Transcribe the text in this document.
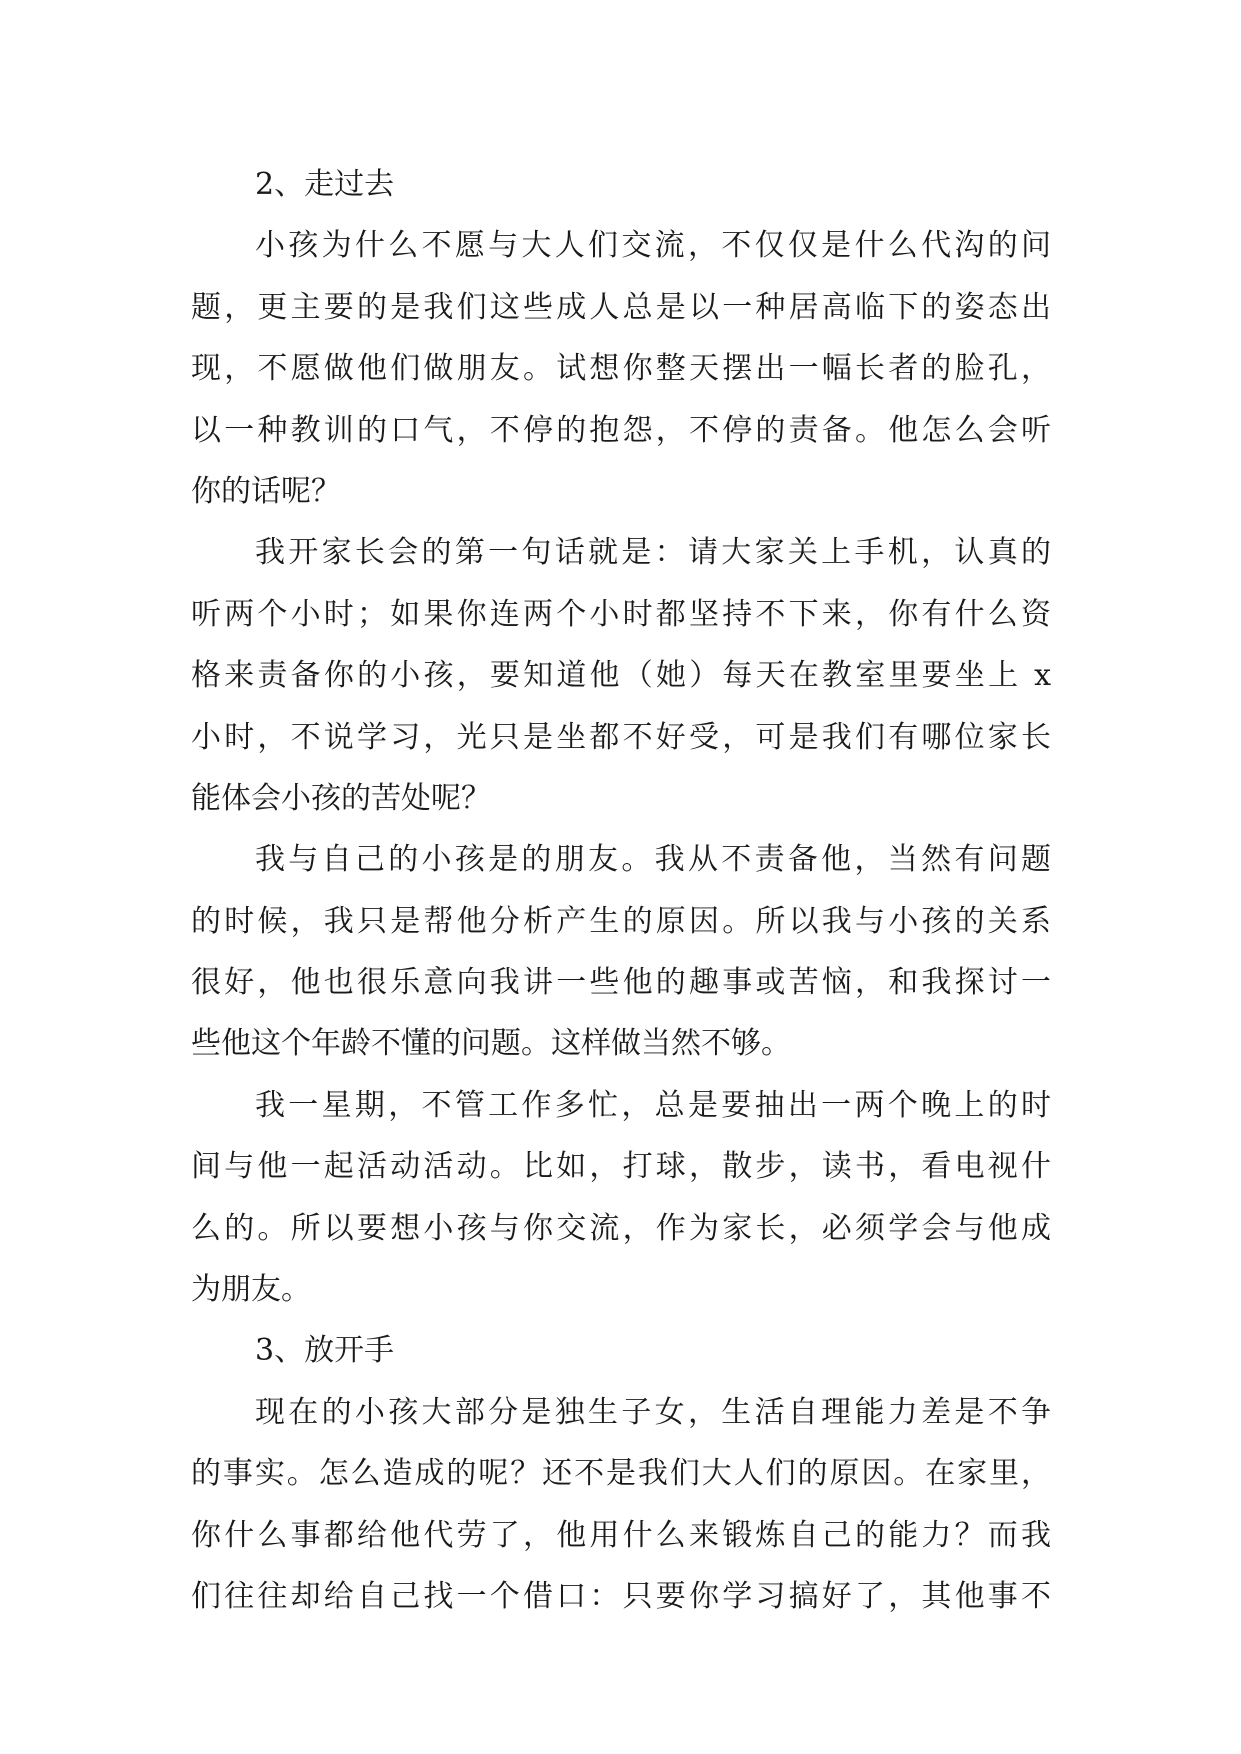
2、走过去
小孩为什么不愿与大人们交流，不仅仅是什么代沟的问
题，更主要的是我们这些成人总是以一种居高临下的姿态出
现，不愿做他们做朋友。试想你整天摆出一幅长者的脸孔，
以一种教训的口气，不停的抱怨，不停的责备。他怎么会听
你的话呢？
我开家长会的第一句话就是：请大家关上手机，认真的
听两个小时；如果你连两个小时都坚持不下来，你有什么资
格来责备你的小孩，要知道他（她）每天在教室里要坐上 x
小时，不说学习，光只是坐都不好受，可是我们有哪位家长
能体会小孩的苦处呢？
我与自己的小孩是的朋友。我从不责备他，当然有问题
的时候，我只是帮他分析产生的原因。所以我与小孩的关系
很好，他也很乐意向我讲一些他的趣事或苦恼，和我探讨一
些他这个年龄不懂的问题。这样做当然不够。
我一星期，不管工作多忙，总是要抽出一两个晚上的时
间与他一起活动活动。比如，打球，散步，读书，看电视什
么的。所以要想小孩与你交流，作为家长，必须学会与他成
为朋友。
3、放开手
现在的小孩大部分是独生子女，生活自理能力差是不争
的事实。怎么造成的呢？还不是我们大人们的原因。在家里，
你什么事都给他代劳了，他用什么来锻炼自己的能力？而我
们往往却给自己找一个借口：只要你学习搞好了，其他事不
